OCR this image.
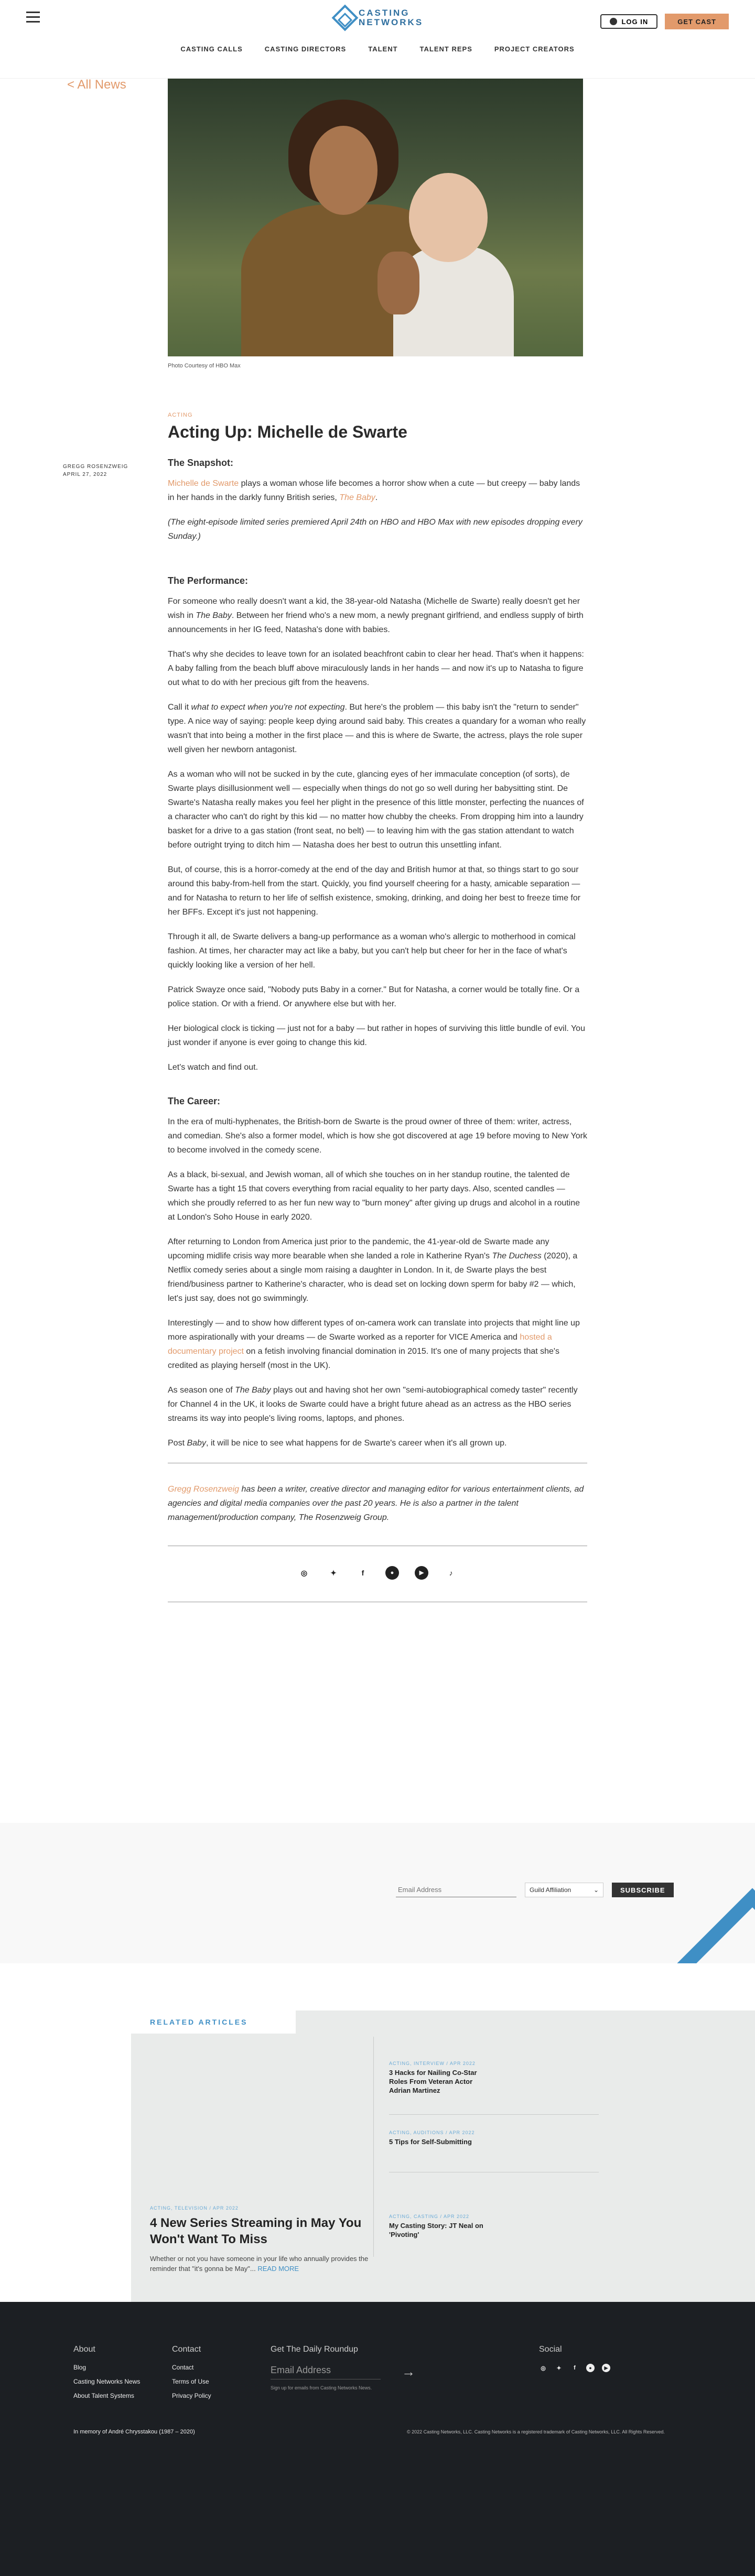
CASTING
NETWORKS	LOG IN	GET CAST
CASTING CALLS	CASTING DIRECTORS	TALENT	TALENT REPS	PROJECT CREATORS
< All News
Photo Courtesy of HBO Max
ACTING
Acting Up: Michelle de Swarte
GREGG ROSENZWEIG
APRIL 27, 2022
The Snapshot:

Michelle de Swarte plays a woman whose life becomes a horror show when a cute — but creepy — baby lands in her hands in the darkly funny British series, The Baby.

(The eight-episode limited series premiered April 24th on HBO and HBO Max with new episodes dropping every Sunday.)

The Performance:

For someone who really doesn't want a kid, the 38-year-old Natasha (Michelle de Swarte) really doesn't get her wish in The Baby. Between her friend who's a new mom, a newly pregnant girlfriend, and endless supply of birth announcements in her IG feed, Natasha's done with babies.

That's why she decides to leave town for an isolated beachfront cabin to clear her head. That's when it happens: A baby falling from the beach bluff above miraculously lands in her hands — and now it's up to Natasha to figure out what to do with her precious gift from the heavens.

Call it what to expect when you're not expecting. But here's the problem — this baby isn't the "return to sender" type. A nice way of saying: people keep dying around said baby. This creates a quandary for a woman who really wasn't that into being a mother in the first place — and this is where de Swarte, the actress, plays the role super well given her newborn antagonist.

As a woman who will not be sucked in by the cute, glancing eyes of her immaculate conception (of sorts), de Swarte plays disillusionment well — especially when things do not go so well during her babysitting stint. De Swarte's Natasha really makes you feel her plight in the presence of this little monster, perfecting the nuances of a character who can't do right by this kid — no matter how chubby the cheeks. From dropping him into a laundry basket for a drive to a gas station (front seat, no belt) — to leaving him with the gas station attendant to watch before outright trying to ditch him — Natasha does her best to outrun this unsettling infant.

But, of course, this is a horror-comedy at the end of the day and British humor at that, so things start to go sour around this baby-from-hell from the start. Quickly, you find yourself cheering for a hasty, amicable separation — and for Natasha to return to her life of selfish existence, smoking, drinking, and doing her best to freeze time for her BFFs. Except it's just not happening.

Through it all, de Swarte delivers a bang-up performance as a woman who's allergic to motherhood in comical fashion. At times, her character may act like a baby, but you can't help but cheer for her in the face of what's quickly looking like a version of her hell.

Patrick Swayze once said, "Nobody puts Baby in a corner." But for Natasha, a corner would be totally fine. Or a police station. Or with a friend. Or anywhere else but with her.

Her biological clock is ticking — just not for a baby — but rather in hopes of surviving this little bundle of evil. You just wonder if anyone is ever going to change this kid.

Let's watch and find out.

The Career:

In the era of multi-hyphenates, the British-born de Swarte is the proud owner of three of them: writer, actress, and comedian. She's also a former model, which is how she got discovered at age 19 before moving to New York to become involved in the comedy scene.

As a black, bi-sexual, and Jewish woman, all of which she touches on in her standup routine, the talented de Swarte has a tight 15 that covers everything from racial equality to her party days. Also, scented candles — which she proudly referred to as her fun new way to "burn money" after giving up drugs and alcohol in a routine at London's Soho House in early 2020.

After returning to London from America just prior to the pandemic, the 41-year-old de Swarte made any upcoming midlife crisis way more bearable when she landed a role in Katherine Ryan's The Duchess (2020), a Netflix comedy series about a single mom raising a daughter in London. In it, de Swarte plays the best friend/business partner to Katherine's character, who is dead set on locking down sperm for baby #2 — which, let's just say, does not go swimmingly.

Interestingly — and to show how different types of on-camera work can translate into projects that might line up more aspirationally with your dreams — de Swarte worked as a reporter for VICE America and hosted a documentary project on a fetish involving financial domination in 2015. It's one of many projects that she's credited as playing herself (most in the UK).

As season one of The Baby plays out and having shot her own "semi-autobiographical comedy taster" recently for Channel 4 in the UK, it looks de Swarte could have a bright future ahead as an actress as the HBO series streams its way into people's living rooms, laptops, and phones.

Post Baby, it will be nice to see what happens for de Swarte's career when it's all grown up.

Gregg Rosenzweig has been a writer, creative director and managing editor for various entertainment clients, ad agencies and digital media companies over the past 20 years. He is also a partner in the talent management/production company, The Rosenzweig Group.

◎	✦	f	●	▶	♪
Email Address
Guild Affiliation	⌄	SUBSCRIBE
RELATED ARTICLES
ACTING, TELEVISION / APR 2022
4 New Series Streaming in May You Won't Want To Miss
Whether or not you have someone in your life who annually provides the reminder that "it's gonna be May"... READ MORE
ACTING, INTERVIEW / APR 2022
3 Hacks for Nailing Co-Star Roles From Veteran Actor Adrian Martinez
ACTING, AUDITIONS / APR 2022
5 Tips for Self-Submitting
ACTING, CASTING / APR 2022
My Casting Story: JT Neal on 'Pivoting'
About
Blog
Casting Networks News
About Talent Systems
Contact
Contact
Terms of Use
Privacy Policy
Get The Daily Roundup
Email Address	→
Sign up for emails from Casting Networks News.
Social
◎	✦	f	●	▶
In memory of André Chrysstakou (1987 – 2020)	© 2022 Casting Networks, LLC. Casting Networks is a registered trademark of Casting Networks, LLC. All Rights Reserved.
